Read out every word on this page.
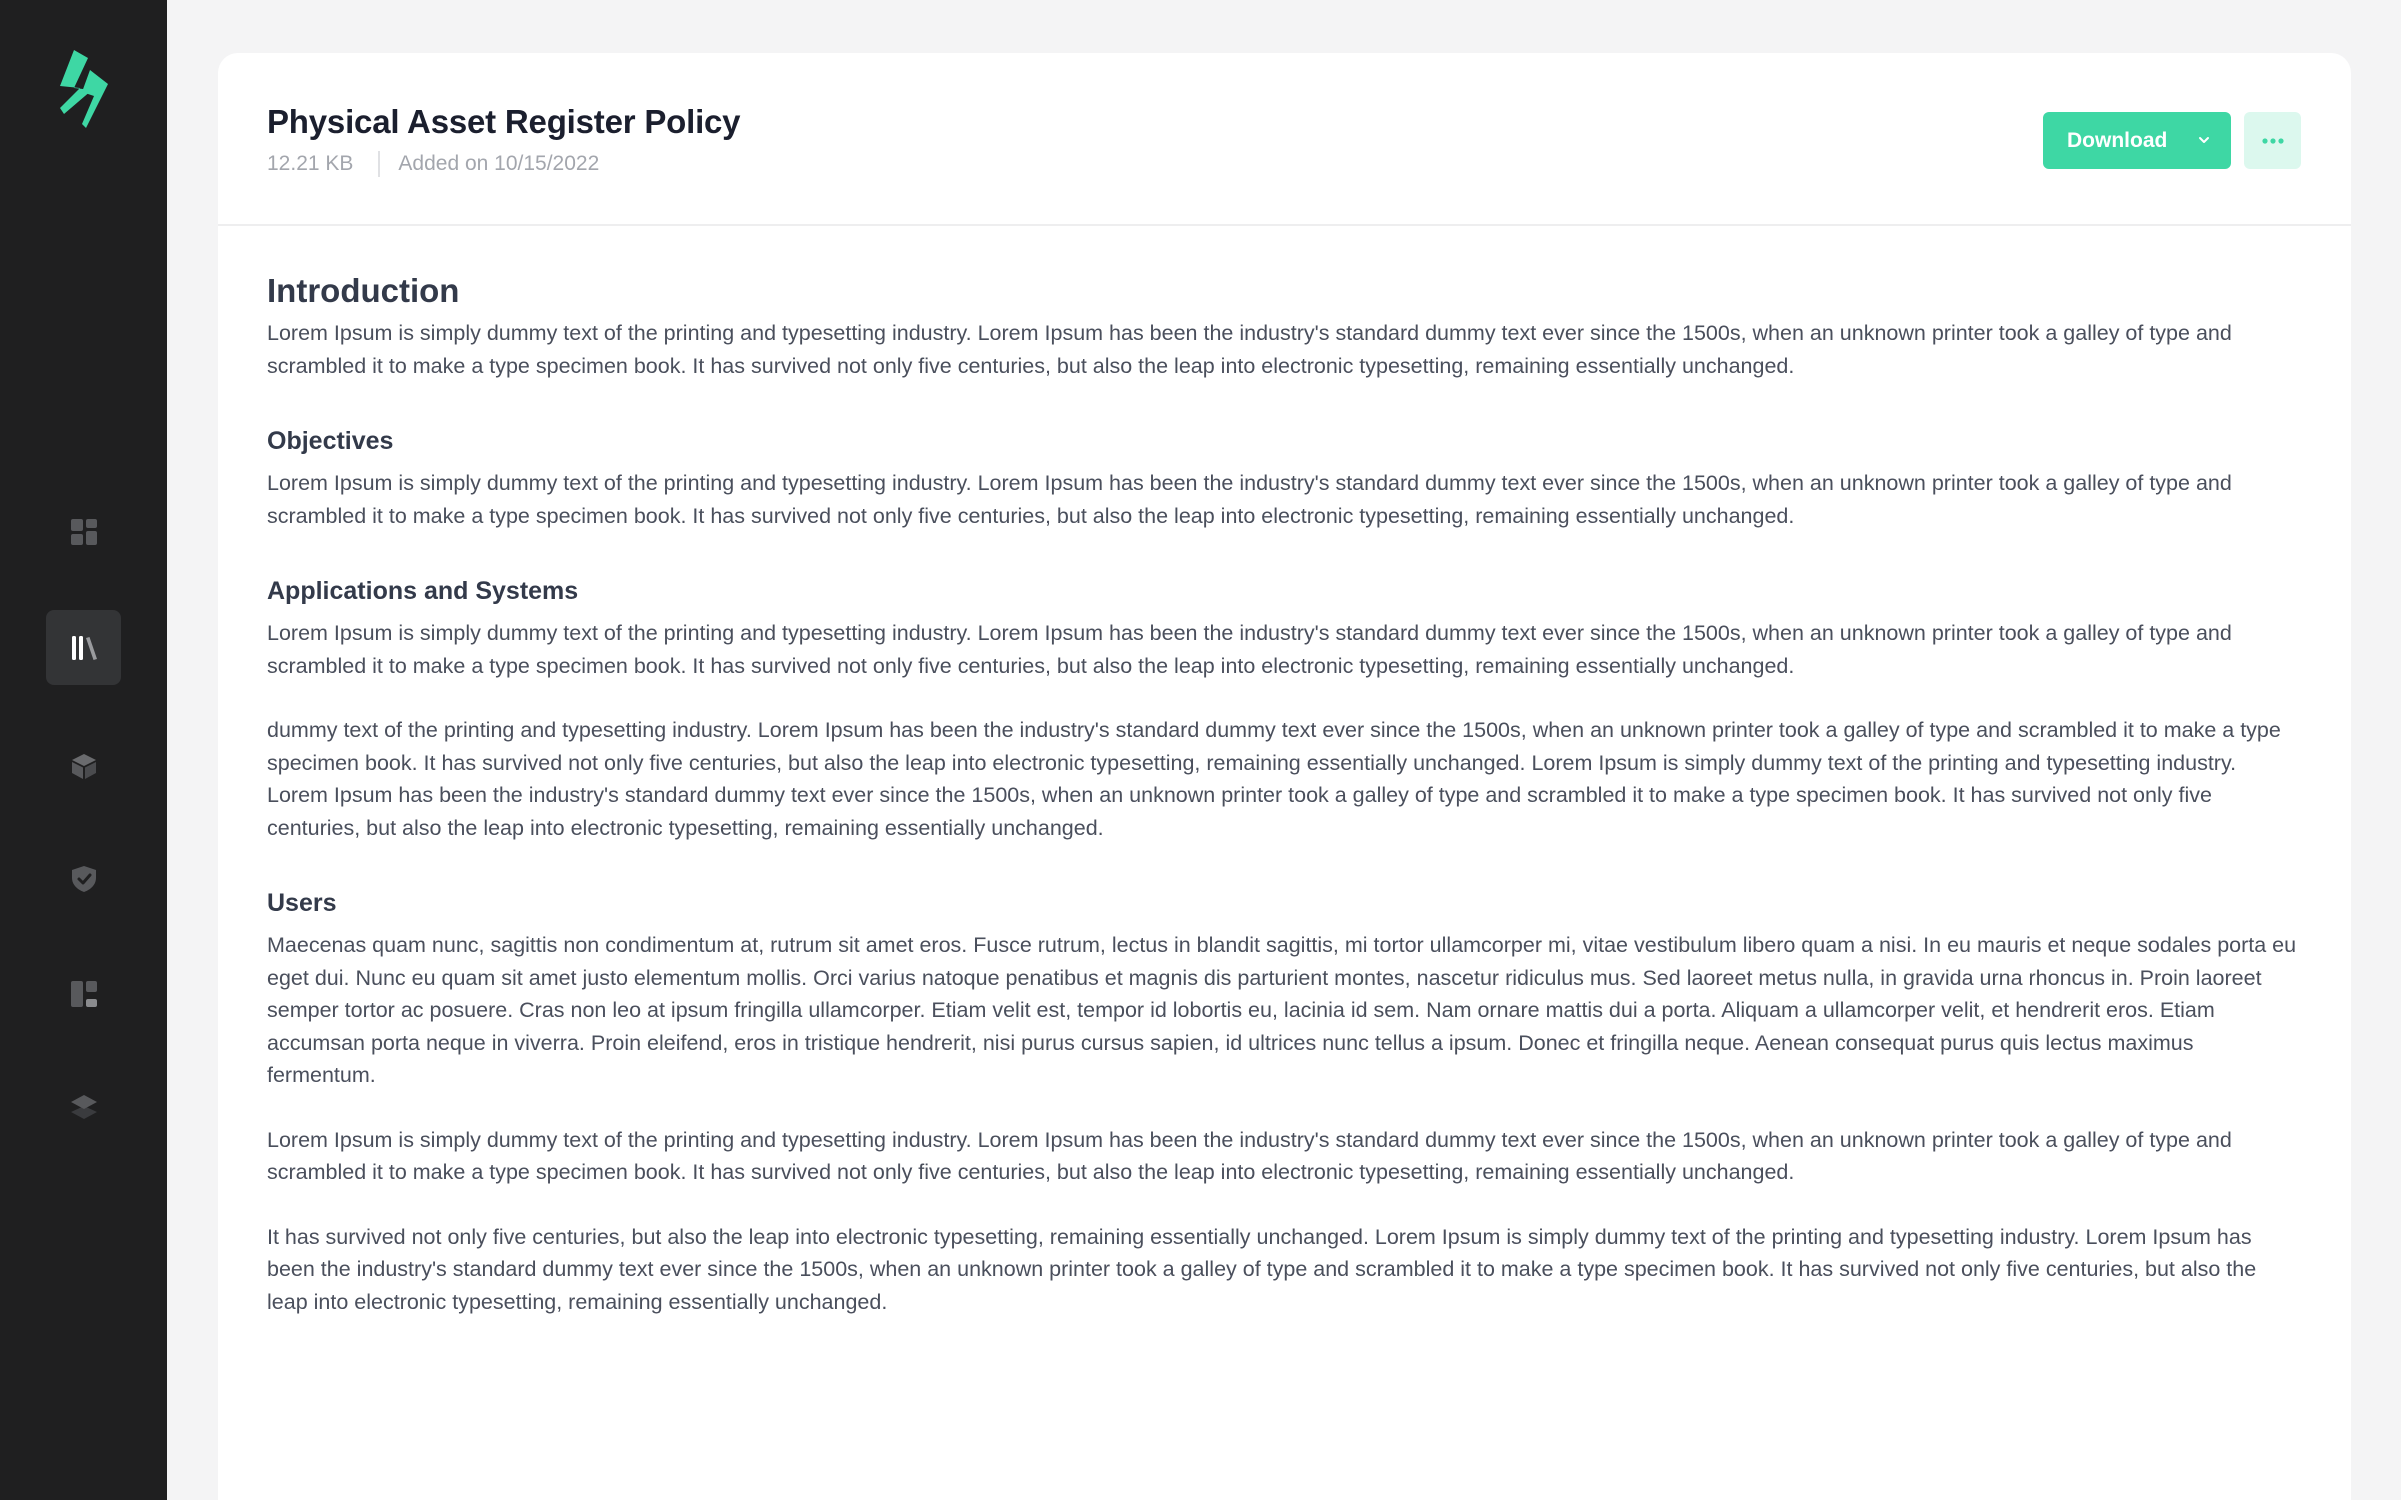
Physical Asset Register Policy
12.21 KB Added on 10/15/2022
Download
Introduction

Lorem Ipsum is simply dummy text of the printing and typesetting industry. Lorem Ipsum has been the industry's standard dummy text ever since the 1500s, when an unknown printer took a galley of type and scrambled it to make a type specimen book. It has survived not only five centuries, but also the leap into electronic typesetting, remaining essentially unchanged.

Objectives

Lorem Ipsum is simply dummy text of the printing and typesetting industry. Lorem Ipsum has been the industry's standard dummy text ever since the 1500s, when an unknown printer took a galley of type and scrambled it to make a type specimen book. It has survived not only five centuries, but also the leap into electronic typesetting, remaining essentially unchanged.

Applications and Systems

Lorem Ipsum is simply dummy text of the printing and typesetting industry. Lorem Ipsum has been the industry's standard dummy text ever since the 1500s, when an unknown printer took a galley of type and scrambled it to make a type specimen book. It has survived not only five centuries, but also the leap into electronic typesetting, remaining essentially unchanged.

dummy text of the printing and typesetting industry. Lorem Ipsum has been the industry's standard dummy text ever since the 1500s, when an unknown printer took a galley of type and scrambled it to make a type specimen book. It has survived not only five centuries, but also the leap into electronic typesetting, remaining essentially unchanged. Lorem Ipsum is simply dummy text of the printing and typesetting industry. Lorem Ipsum has been the industry's standard dummy text ever since the 1500s, when an unknown printer took a galley of type and scrambled it to make a type specimen book. It has survived not only five centuries, but also the leap into electronic typesetting, remaining essentially unchanged.

Users

Maecenas quam nunc, sagittis non condimentum at, rutrum sit amet eros. Fusce rutrum, lectus in blandit sagittis, mi tortor ullamcorper mi, vitae vestibulum libero quam a nisi. In eu mauris et neque sodales porta eu eget dui. Nunc eu quam sit amet justo elementum mollis. Orci varius natoque penatibus et magnis dis parturient montes, nascetur ridiculus mus. Sed laoreet metus nulla, in gravida urna rhoncus in. Proin laoreet semper tortor ac posuere. Cras non leo at ipsum fringilla ullamcorper. Etiam velit est, tempor id lobortis eu, lacinia id sem. Nam ornare mattis dui a porta. Aliquam a ullamcorper velit, et hendrerit eros. Etiam accumsan porta neque in viverra. Proin eleifend, eros in tristique hendrerit, nisi purus cursus sapien, id ultrices nunc tellus a ipsum. Donec et fringilla neque. Aenean consequat purus quis lectus maximus fermentum.

Lorem Ipsum is simply dummy text of the printing and typesetting industry. Lorem Ipsum has been the industry's standard dummy text ever since the 1500s, when an unknown printer took a galley of type and scrambled it to make a type specimen book. It has survived not only five centuries, but also the leap into electronic typesetting, remaining essentially unchanged.

It has survived not only five centuries, but also the leap into electronic typesetting, remaining essentially unchanged. Lorem Ipsum is simply dummy text of the printing and typesetting industry. Lorem Ipsum has been the industry's standard dummy text ever since the 1500s, when an unknown printer took a galley of type and scrambled it to make a type specimen book. It has survived not only five centuries, but also the leap into electronic typesetting, remaining essentially unchanged.
